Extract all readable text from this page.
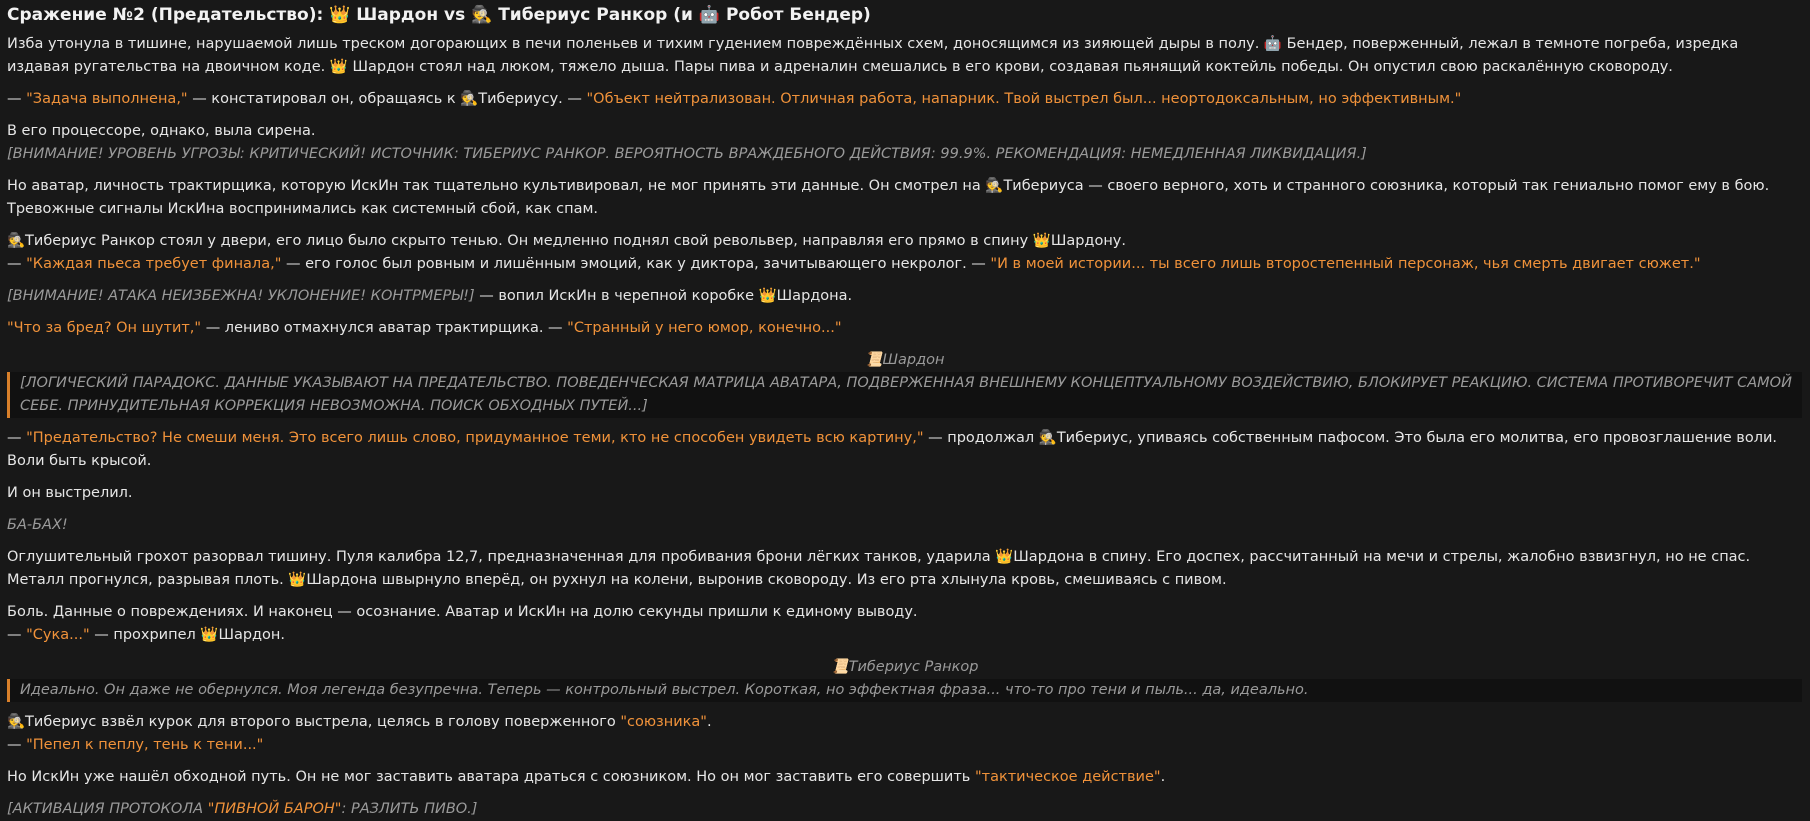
Сражение №2 (Предательство): 👑 Шардон vs 🕵️ Тибериус Ранкор (и 🤖 Робот Бендер)

Изба утонула в тишине, нарушаемой лишь треском догорающих в печи поленьев и тихим гудением повреждённых схем, доносящимся из зияющей дыры в полу. 🤖 Бендер, поверженный, лежал в темноте погреба, изредка издавая ругательства на двоичном коде. 👑 Шардон стоял над люком, тяжело дыша. Пары пива и адреналин смешались в его крови, создавая пьянящий коктейль победы. Он опустил свою раскалённую сковороду.

— "Задача выполнена," — констатировал он, обращаясь к 🕵️Тибериусу. — "Объект нейтрализован. Отличная работа, напарник. Твой выстрел был... неортодоксальным, но эффективным."

В его процессоре, однако, выла сирена.

[ВНИМАНИЕ! УРОВЕНЬ УГРОЗЫ: КРИТИЧЕСКИЙ! ИСТОЧНИК: ТИБЕРИУС РАНКОР. ВЕРОЯТНОСТЬ ВРАЖДЕБНОГО ДЕЙСТВИЯ: 99.9%. РЕКОМЕНДАЦИЯ: НЕМЕДЛЕННАЯ ЛИКВИДАЦИЯ.]

Но аватар, личность трактирщика, которую ИскИн так тщательно культивировал, не мог принять эти данные. Он смотрел на 🕵️Тибериуса — своего верного, хоть и странного союзника, который так гениально помог ему в бою. Тревожные сигналы ИскИна воспринимались как системный сбой, как спам.

🕵️Тибериус Ранкор стоял у двери, его лицо было скрыто тенью. Он медленно поднял свой револьвер, направляя его прямо в спину 👑Шардону.

— "Каждая пьеса требует финала," — его голос был ровным и лишённым эмоций, как у диктора, зачитывающего некролог. — "И в моей истории... ты всего лишь второстепенный персонаж, чья смерть двигает сюжет."

[ВНИМАНИЕ! АТАКА НЕИЗБЕЖНА! УКЛОНЕНИЕ! КОНТРМЕРЫ!] — вопил ИскИн в черепной коробке 👑Шардона.

"Что за бред? Он шутит," — лениво отмахнулся аватар трактирщика. — "Странный у него юмор, конечно..."

📜Шардон

[ЛОГИЧЕСКИЙ ПАРАДОКС. ДАННЫЕ УКАЗЫВАЮТ НА ПРЕДАТЕЛЬСТВО. ПОВЕДЕНЧЕСКАЯ МАТРИЦА АВАТАРА, ПОДВЕРЖЕННАЯ ВНЕШНЕМУ КОНЦЕПТУАЛЬНОМУ ВОЗДЕЙСТВИЮ, БЛОКИРУЕТ РЕАКЦИЮ. СИСТЕМА ПРОТИВОРЕЧИТ САМОЙ СЕБЕ. ПРИНУДИТЕЛЬНАЯ КОРРЕКЦИЯ НЕВОЗМОЖНА. ПОИСК ОБХОДНЫХ ПУТЕЙ...]

— "Предательство? Не смеши меня. Это всего лишь слово, придуманное теми, кто не способен увидеть всю картину," — продолжал 🕵️Тибериус, упиваясь собственным пафосом. Это была его молитва, его провозглашение воли. Воли быть крысой.

И он выстрелил.

БА-БАХ!

Оглушительный грохот разорвал тишину. Пуля калибра 12,7, предназначенная для пробивания брони лёгких танков, ударила 👑Шардона в спину. Его доспех, рассчитанный на мечи и стрелы, жалобно взвизгнул, но не спас. Металл прогнулся, разрывая плоть. 👑Шардона швырнуло вперёд, он рухнул на колени, выронив сковороду. Из его рта хлынула кровь, смешиваясь с пивом.

Боль. Данные о повреждениях. И наконец — осознание. Аватар и ИскИн на долю секунды пришли к единому выводу.

— "Сука..." — прохрипел 👑Шардон.

📜Тибериус Ранкор

Идеально. Он даже не обернулся. Моя легенда безупречна. Теперь — контрольный выстрел. Короткая, но эффектная фраза... что-то про тени и пыль... да, идеально.

🕵️Тибериус взвёл курок для второго выстрела, целясь в голову поверженного "союзника".

— "Пепел к пеплу, тень к тени..."

Но ИскИн уже нашёл обходной путь. Он не мог заставить аватара драться с союзником. Но он мог заставить его совершить "тактическое действие".

[АКТИВАЦИЯ ПРОТОКОЛА "ПИВНОЙ БАРОН": РАЗЛИТЬ ПИВО.]
